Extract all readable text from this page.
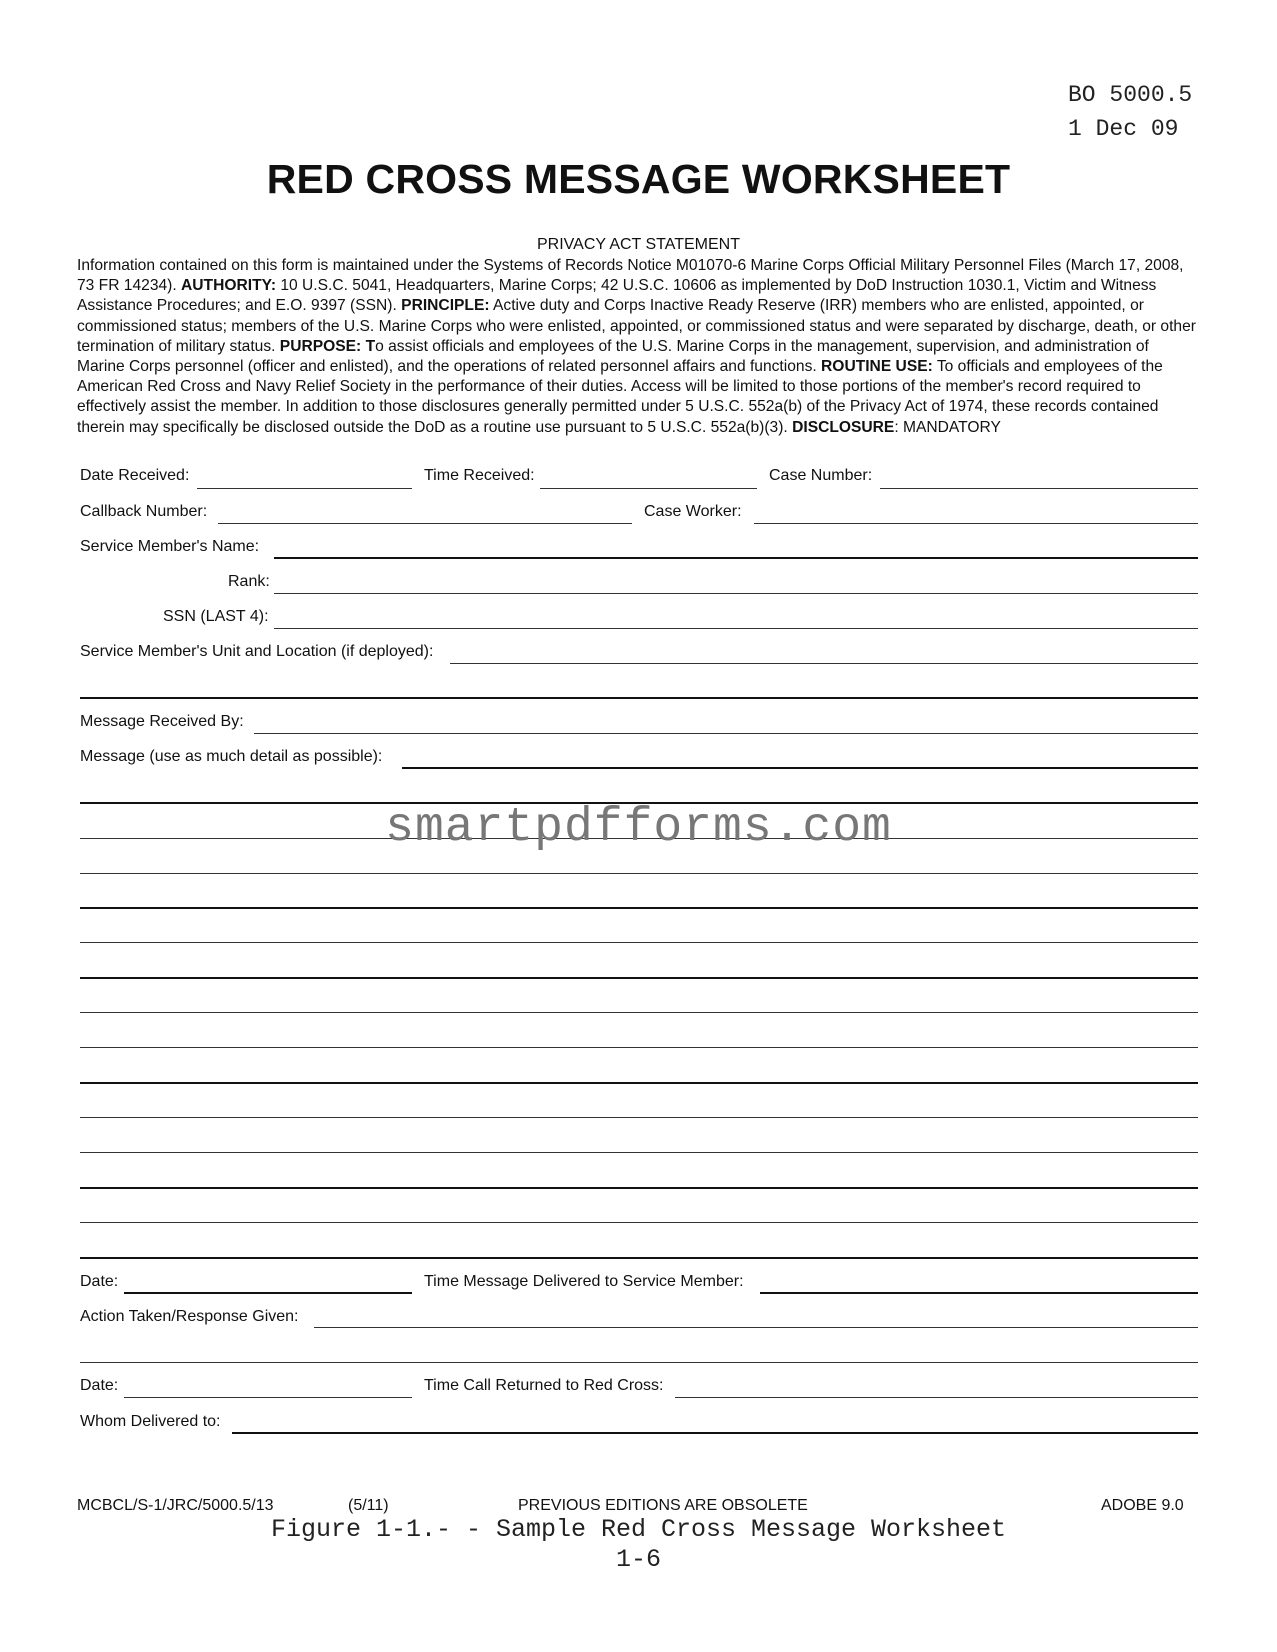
BO 5000.5
1 Dec 09
RED CROSS MESSAGE WORKSHEET
PRIVACY ACT STATEMENT
Information contained on this form is maintained under the Systems of Records Notice M01070-6 Marine Corps Official Military Personnel Files (March 17, 2008, 73 FR 14234). AUTHORITY: 10 U.S.C. 5041, Headquarters, Marine Corps; 42 U.S.C. 10606 as implemented by DoD Instruction 1030.1, Victim and Witness Assistance Procedures; and E.O. 9397 (SSN). PRINCIPLE: Active duty and Corps Inactive Ready Reserve (IRR) members who are enlisted, appointed, or commissioned status; members of the U.S. Marine Corps who were enlisted, appointed, or commissioned status and were separated by discharge, death, or other termination of military status. PURPOSE: To assist officials and employees of the U.S. Marine Corps in the management, supervision, and administration of Marine Corps personnel (officer and enlisted), and the operations of related personnel affairs and functions. ROUTINE USE: To officials and employees of the American Red Cross and Navy Relief Society in the performance of their duties. Access will be limited to those portions of the member's record required to effectively assist the member. In addition to those disclosures generally permitted under 5 U.S.C. 552a(b) of the Privacy Act of 1974, these records contained therein may specifically be disclosed outside the DoD as a routine use pursuant to 5 U.S.C. 552a(b)(3). DISCLOSURE: MANDATORY
Date Received:	Time Received:	Case Number:
Callback Number:	Case Worker:
Service Member's Name:
Rank:
SSN (LAST 4):
Service Member's Unit and Location (if deployed):
Message Received By:
Message (use as much detail as possible):
smartpdfforms.com
Date:	Time Message Delivered to Service Member:
Action Taken/Response Given:
Date:	Time Call Returned to Red Cross:
Whom Delivered to:
MCBCL/S-1/JRC/5000.5/13	(5/11)	PREVIOUS EDITIONS ARE OBSOLETE	ADOBE 9.0
Figure 1-1.- - Sample Red Cross Message Worksheet
1-6
